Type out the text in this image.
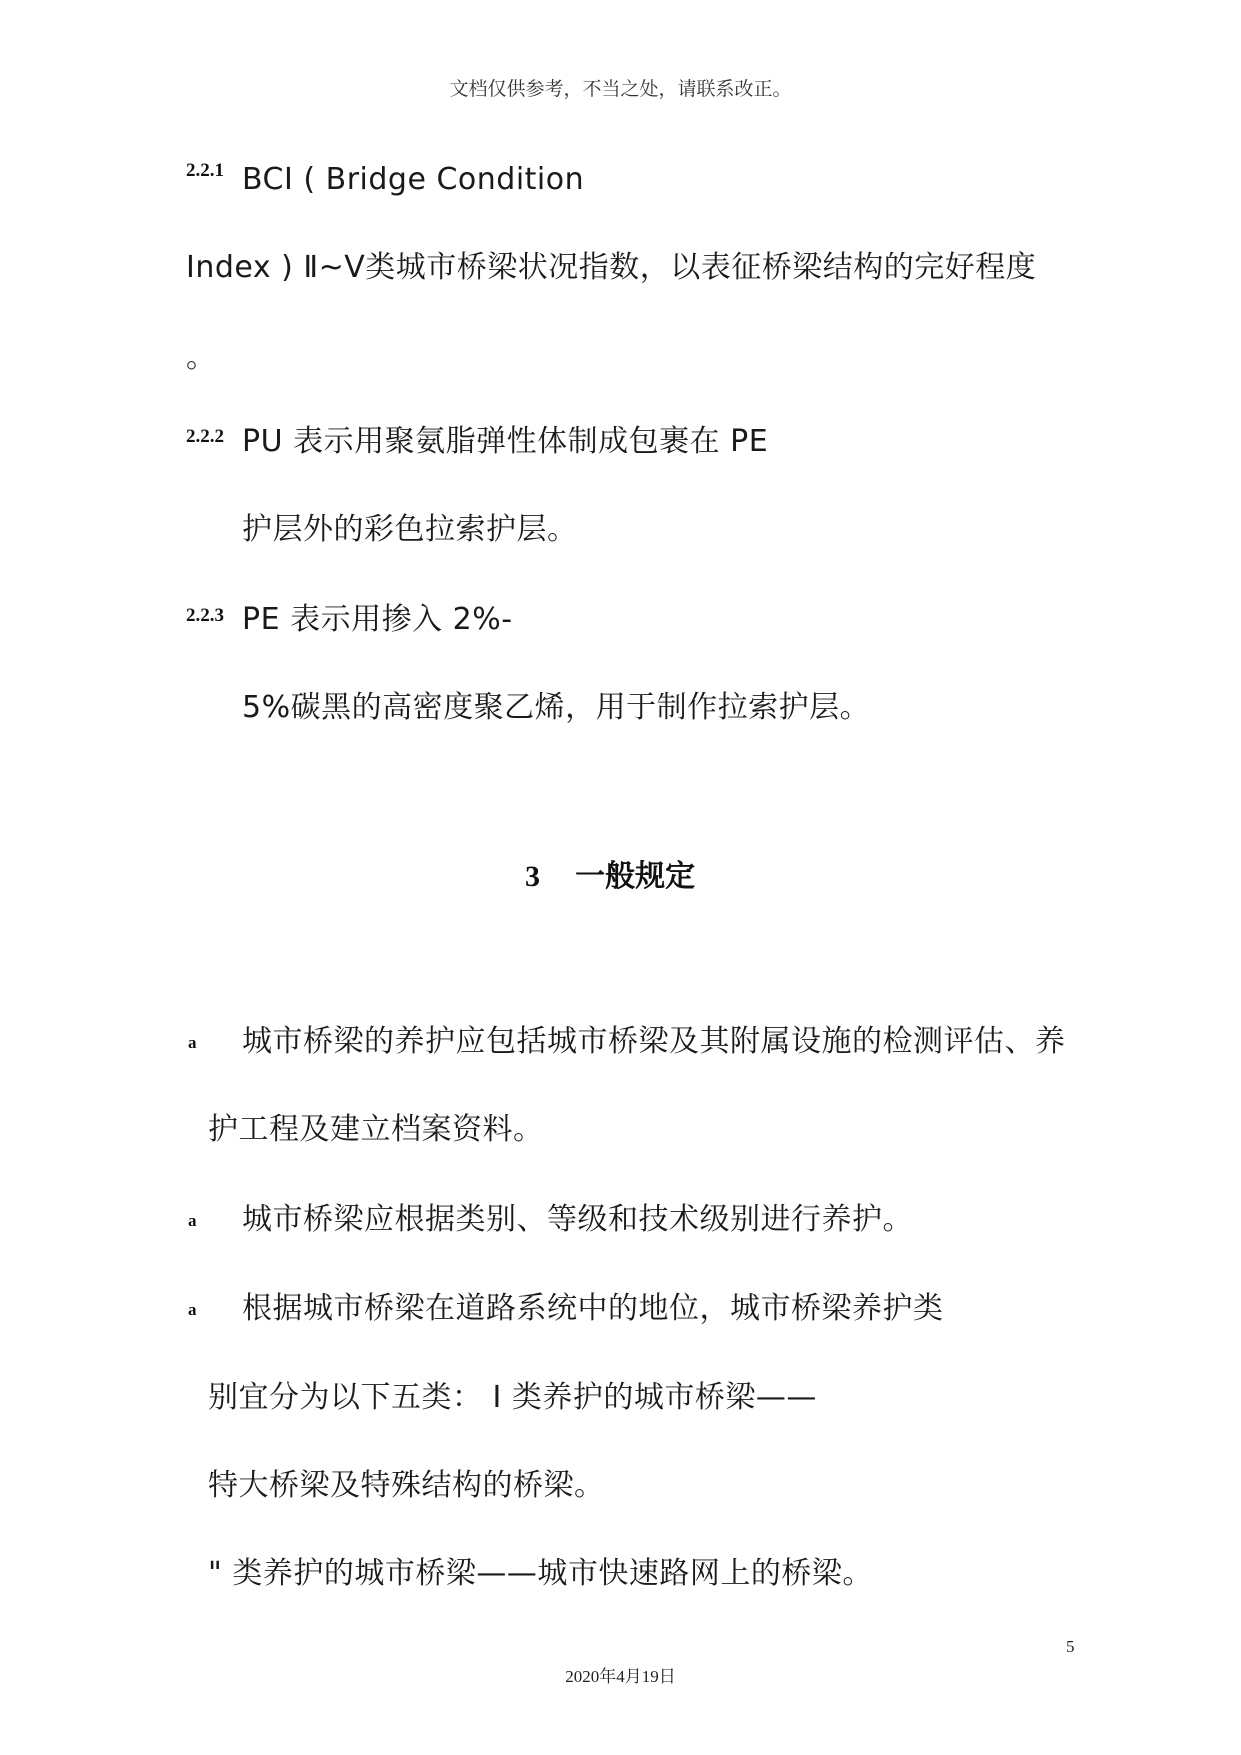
文档仅供参考，不当之处，请联系改正。
2.2.1 BCI ( Bridge Condition
Index ) Ⅱ~Ⅴ类城市桥梁状况指数，以表征桥梁结构的完好程度
。
2.2.2 PU 表示用聚氨脂弹性体制成包裹在 PE
护层外的彩色拉索护层。
2.2.3 PE 表示用掺入 2%-
5%碳黑的高密度聚乙烯，用于制作拉索护层。
3 一般规定
a 城市桥梁的养护应包括城市桥梁及其附属设施的检测评估、养
护工程及建立档案资料。
a 城市桥梁应根据类别、等级和技术级别进行养护。
a 根据城市桥梁在道路系统中的地位，城市桥梁养护类
别宜分为以下五类： Ⅰ 类养护的城市桥梁——
特大桥梁及特殊结构的桥梁。
" 类养护的城市桥梁——城市快速路网上的桥梁。
5
2020年4月19日
